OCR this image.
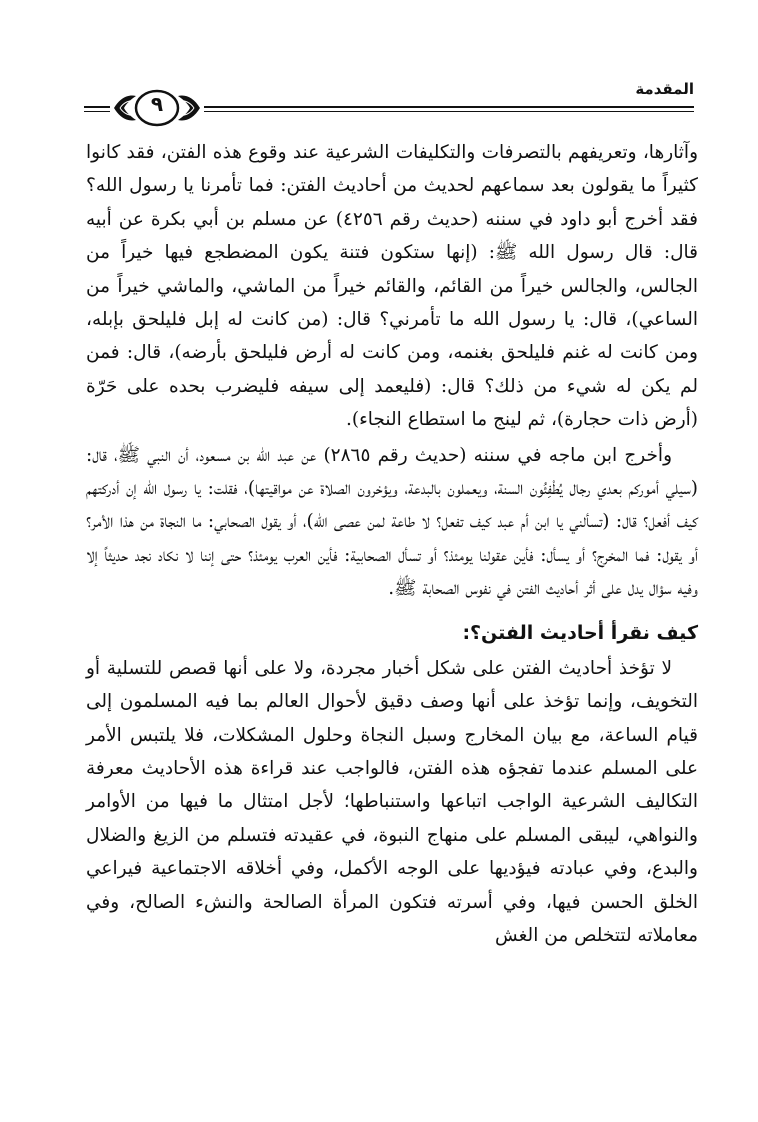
المقدمة
٩

وآثارها، وتعريفهم بالتصرفات والتكليفات الشرعية عند وقوع هذه الفتن، فقد كانوا كثيراً ما يقولون بعد سماعهم لحديث من أحاديث الفتن: فما تأمرنا يا رسول الله؟ فقد أخرج أبو داود في سننه (حديث رقم ٤٢٥٦) عن مسلم بن أبي بكرة عن أبيه قال: قال رسول الله ﷺ: (إنها ستكون فتنة يكون المضطجع فيها خيراً من الجالس، والجالس خيراً من القائم، والقائم خيراً من الماشي، والماشي خيراً من الساعي)، قال: يا رسول الله ما تأمرني؟ قال: (من كانت له إبل فليلحق بإبله، ومن كانت له غنم فليلحق بغنمه، ومن كانت له أرض فليلحق بأرضه)، قال: فمن لم يكن له شيء من ذلك؟ قال: (فليعمد إلى سيفه فليضرب بحده على حَرّة (أرض ذات حجارة)، ثم لينج ما استطاع النجاء).

وأخرج ابن ماجه في سننه (حديث رقم ٢٨٦٥) عن عبد الله بن مسعود، أن النبي ﷺ، قال: (سيلي أموركم بعدي رجال يُطْفِئُون السنة، ويعملون بالبدعة، ويؤخرون الصلاة عن مواقيتها)، فقلت: يا رسول الله إن أدركتهم كيف أفعل؟ قال: (تسألني يا ابن أم عبد كيف تفعل؟ لا طاعة لمن عصى الله)، أو يقول الصحابي: ما النجاة من هذا الأمر؟ أو يقول: فما المخرج؟ أو يسأل: فأين عقولنا يومئذ؟ أو تسأل الصحابية: فأين العرب يومئذ؟ حتى إننا لا نكاد نجد حديثاً إلا وفيه سؤال يدل على أثر أحاديث الفتن في نفوس الصحابة ﷺ.

كيف نقرأ أحاديث الفتن؟:

لا تؤخذ أحاديث الفتن على شكل أخبار مجردة، ولا على أنها قصص للتسلية أو التخويف، وإنما تؤخذ على أنها وصف دقيق لأحوال العالم بما فيه المسلمون إلى قيام الساعة، مع بيان المخارج وسبل النجاة وحلول المشكلات، فلا يلتبس الأمر على المسلم عندما تفجؤه هذه الفتن، فالواجب عند قراءة هذه الأحاديث معرفة التكاليف الشرعية الواجب اتباعها واستنباطها؛ لأجل امتثال ما فيها من الأوامر والنواهي، ليبقى المسلم على منهاج النبوة، في عقيدته فتسلم من الزيغ والضلال والبدع، وفي عبادته فيؤديها على الوجه الأكمل، وفي أخلاقه الاجتماعية فيراعي الخلق الحسن فيها، وفي أسرته فتكون المرأة الصالحة والنشء الصالح، وفي معاملاته لتتخلص من الغش
